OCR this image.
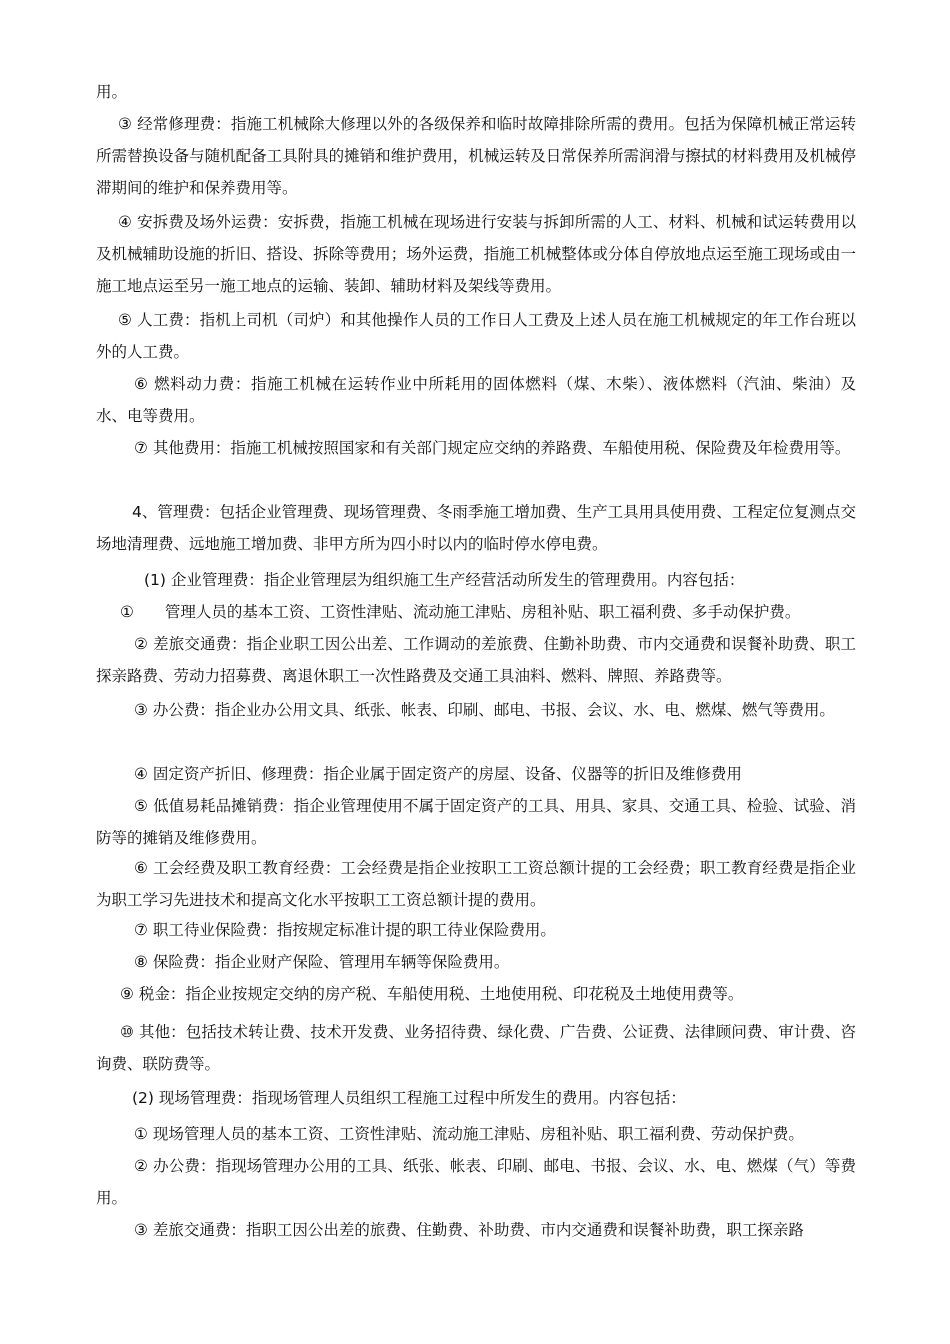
用。

③ 经常修理费：指施工机械除大修理以外的各级保养和临时故障排除所需的费用。包括为保障机械正常运转所需替换设备与随机配备工具附具的摊销和维护费用，机械运转及日常保养所需润滑与擦拭的材料费用及机械停滞期间的维护和保养费用等。

④ 安拆费及场外运费：安拆费，指施工机械在现场进行安装与拆卸所需的人工、材料、机械和试运转费用以及机械辅助设施的折旧、搭设、拆除等费用；场外运费，指施工机械整体或分体自停放地点运至施工现场或由一施工地点运至另一施工地点的运输、装卸、辅助材料及架线等费用。

⑤ 人工费：指机上司机（司炉）和其他操作人员的工作日人工费及上述人员在施工机械规定的年工作台班以外的人工费。

⑥ 燃料动力费：指施工机械在运转作业中所耗用的固体燃料（煤、木柴）、液体燃料（汽油、柴油）及水、电等费用。

⑦ 其他费用：指施工机械按照国家和有关部门规定应交纳的养路费、车船使用税、保险费及年检费用等。

4、管理费：包括企业管理费、现场管理费、冬雨季施工增加费、生产工具用具使用费、工程定位复测点交场地清理费、远地施工增加费、非甲方所为四小时以内的临时停水停电费。

(1) 企业管理费：指企业管理层为组织施工生产经营活动所发生的管理费用。内容包括：

①　　管理人员的基本工资、工资性津贴、流动施工津贴、房租补贴、职工福利费、多手动保护费。

② 差旅交通费：指企业职工因公出差、工作调动的差旅费、住勤补助费、市内交通费和误餐补助费、职工探亲路费、劳动力招募费、离退休职工一次性路费及交通工具油料、燃料、牌照、养路费等。

③ 办公费：指企业办公用文具、纸张、帐表、印刷、邮电、书报、会议、水、电、燃煤、燃气等费用。

④ 固定资产折旧、修理费：指企业属于固定资产的房屋、设备、仪器等的折旧及维修费用

⑤ 低值易耗品摊销费：指企业管理使用不属于固定资产的工具、用具、家具、交通工具、检验、试验、消防等的摊销及维修费用。

⑥ 工会经费及职工教育经费：工会经费是指企业按职工工资总额计提的工会经费；职工教育经费是指企业为职工学习先进技术和提高文化水平按职工工资总额计提的费用。

⑦ 职工待业保险费：指按规定标准计提的职工待业保险费用。

⑧ 保险费：指企业财产保险、管理用车辆等保险费用。

⑨ 税金：指企业按规定交纳的房产税、车船使用税、土地使用税、印花税及土地使用费等。

⑩ 其他：包括技术转让费、技术开发费、业务招待费、绿化费、广告费、公证费、法律顾问费、审计费、咨询费、联防费等。

(2) 现场管理费：指现场管理人员组织工程施工过程中所发生的费用。内容包括：

① 现场管理人员的基本工资、工资性津贴、流动施工津贴、房租补贴、职工福利费、劳动保护费。

② 办公费：指现场管理办公用的工具、纸张、帐表、印刷、邮电、书报、会议、水、电、燃煤（气）等费用。

③ 差旅交通费：指职工因公出差的旅费、住勤费、补助费、市内交通费和误餐补助费，职工探亲路
